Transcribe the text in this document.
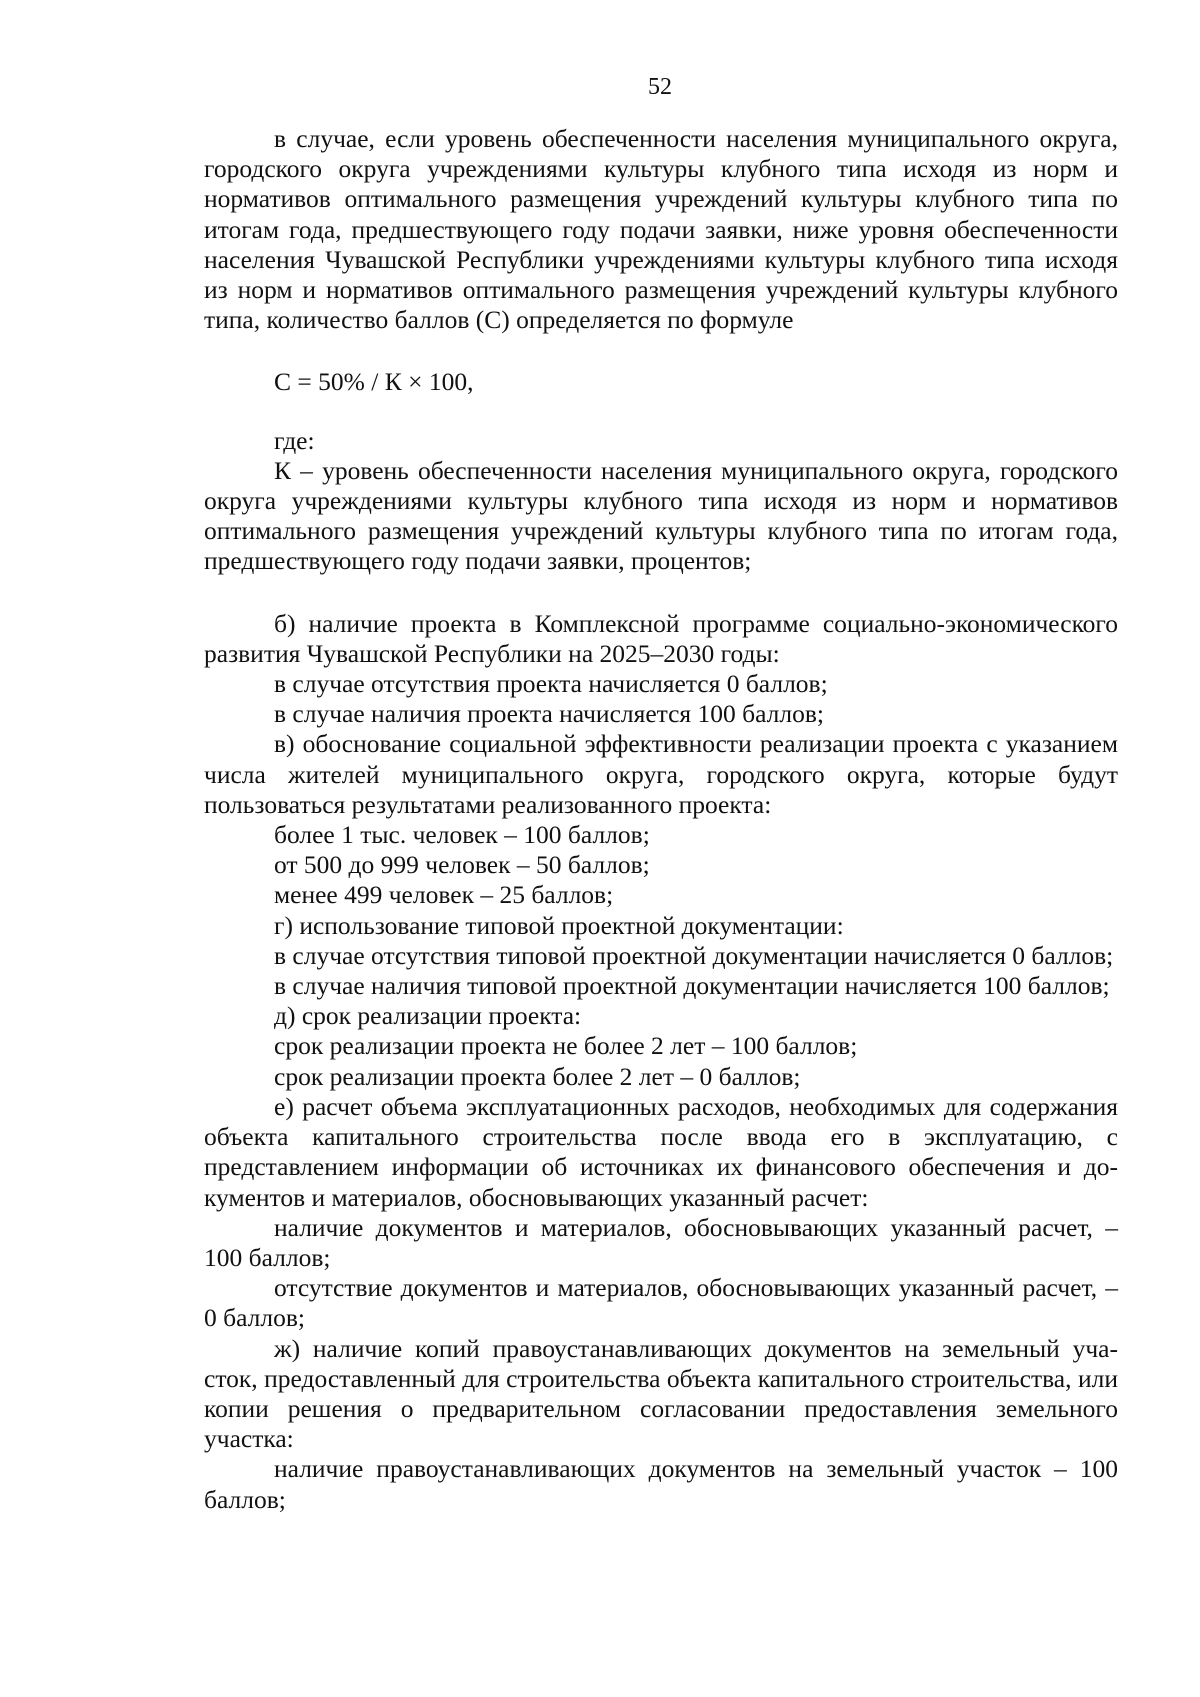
52

в случае, если уровень обеспеченности населения муниципального округа, городского округа учреждениями культуры клубного типа исходя из норм и нормативов оптимального размещения учреждений культуры клубного типа по итогам года, предшествующего году подачи заявки, ниже уровня обеспеченности населения Чувашской Республики учреждениями культуры клубного типа исходя из норм и нормативов оптимального размещения учреждений культуры клубного типа, количество баллов (С) определяется по формуле

С = 50% / К × 100,

где:

К – уровень обеспеченности населения муниципального округа, городского округа учреждениями культуры клубного типа исходя из норм и нормативов оптимального размещения учреждений культуры клубного типа по итогам года, предшествующего году подачи заявки, процентов;

б) наличие проекта в Комплексной программе социально-экономического развития Чувашской Республики на 2025–2030 годы:

в случае отсутствия проекта начисляется 0 баллов;

в случае наличия проекта начисляется 100 баллов;

в) обоснование социальной эффективности реализации проекта с указанием числа жителей муниципального округа, городского округа, которые будут пользоваться результатами реализованного проекта:

более 1 тыс. человек – 100 баллов;

от 500 до 999 человек – 50 баллов;

менее 499 человек – 25 баллов;

г) использование типовой проектной документации:

в случае отсутствия типовой проектной документации начисляется 0 баллов;

в случае наличия типовой проектной документации начисляется 100 баллов;

д) срок реализации проекта:

срок реализации проекта не более 2 лет – 100 баллов;

срок реализации проекта более 2 лет – 0 баллов;

е) расчет объема эксплуатационных расходов, необходимых для содержания объекта капитального строительства после ввода его в эксплуатацию, с представлением информации об источниках их финансового обеспечения и документов и материалов, обосновывающих указанный расчет:

наличие документов и материалов, обосновывающих указанный расчет, – 100 баллов;

отсутствие документов и материалов, обосновывающих указанный расчет, – 0 баллов;

ж) наличие копий правоустанавливающих документов на земельный участок, предоставленный для строительства объекта капитального строительства, или копии решения о предварительном согласовании предоставления земельного участка:

наличие правоустанавливающих документов на земельный участок – 100 баллов;
